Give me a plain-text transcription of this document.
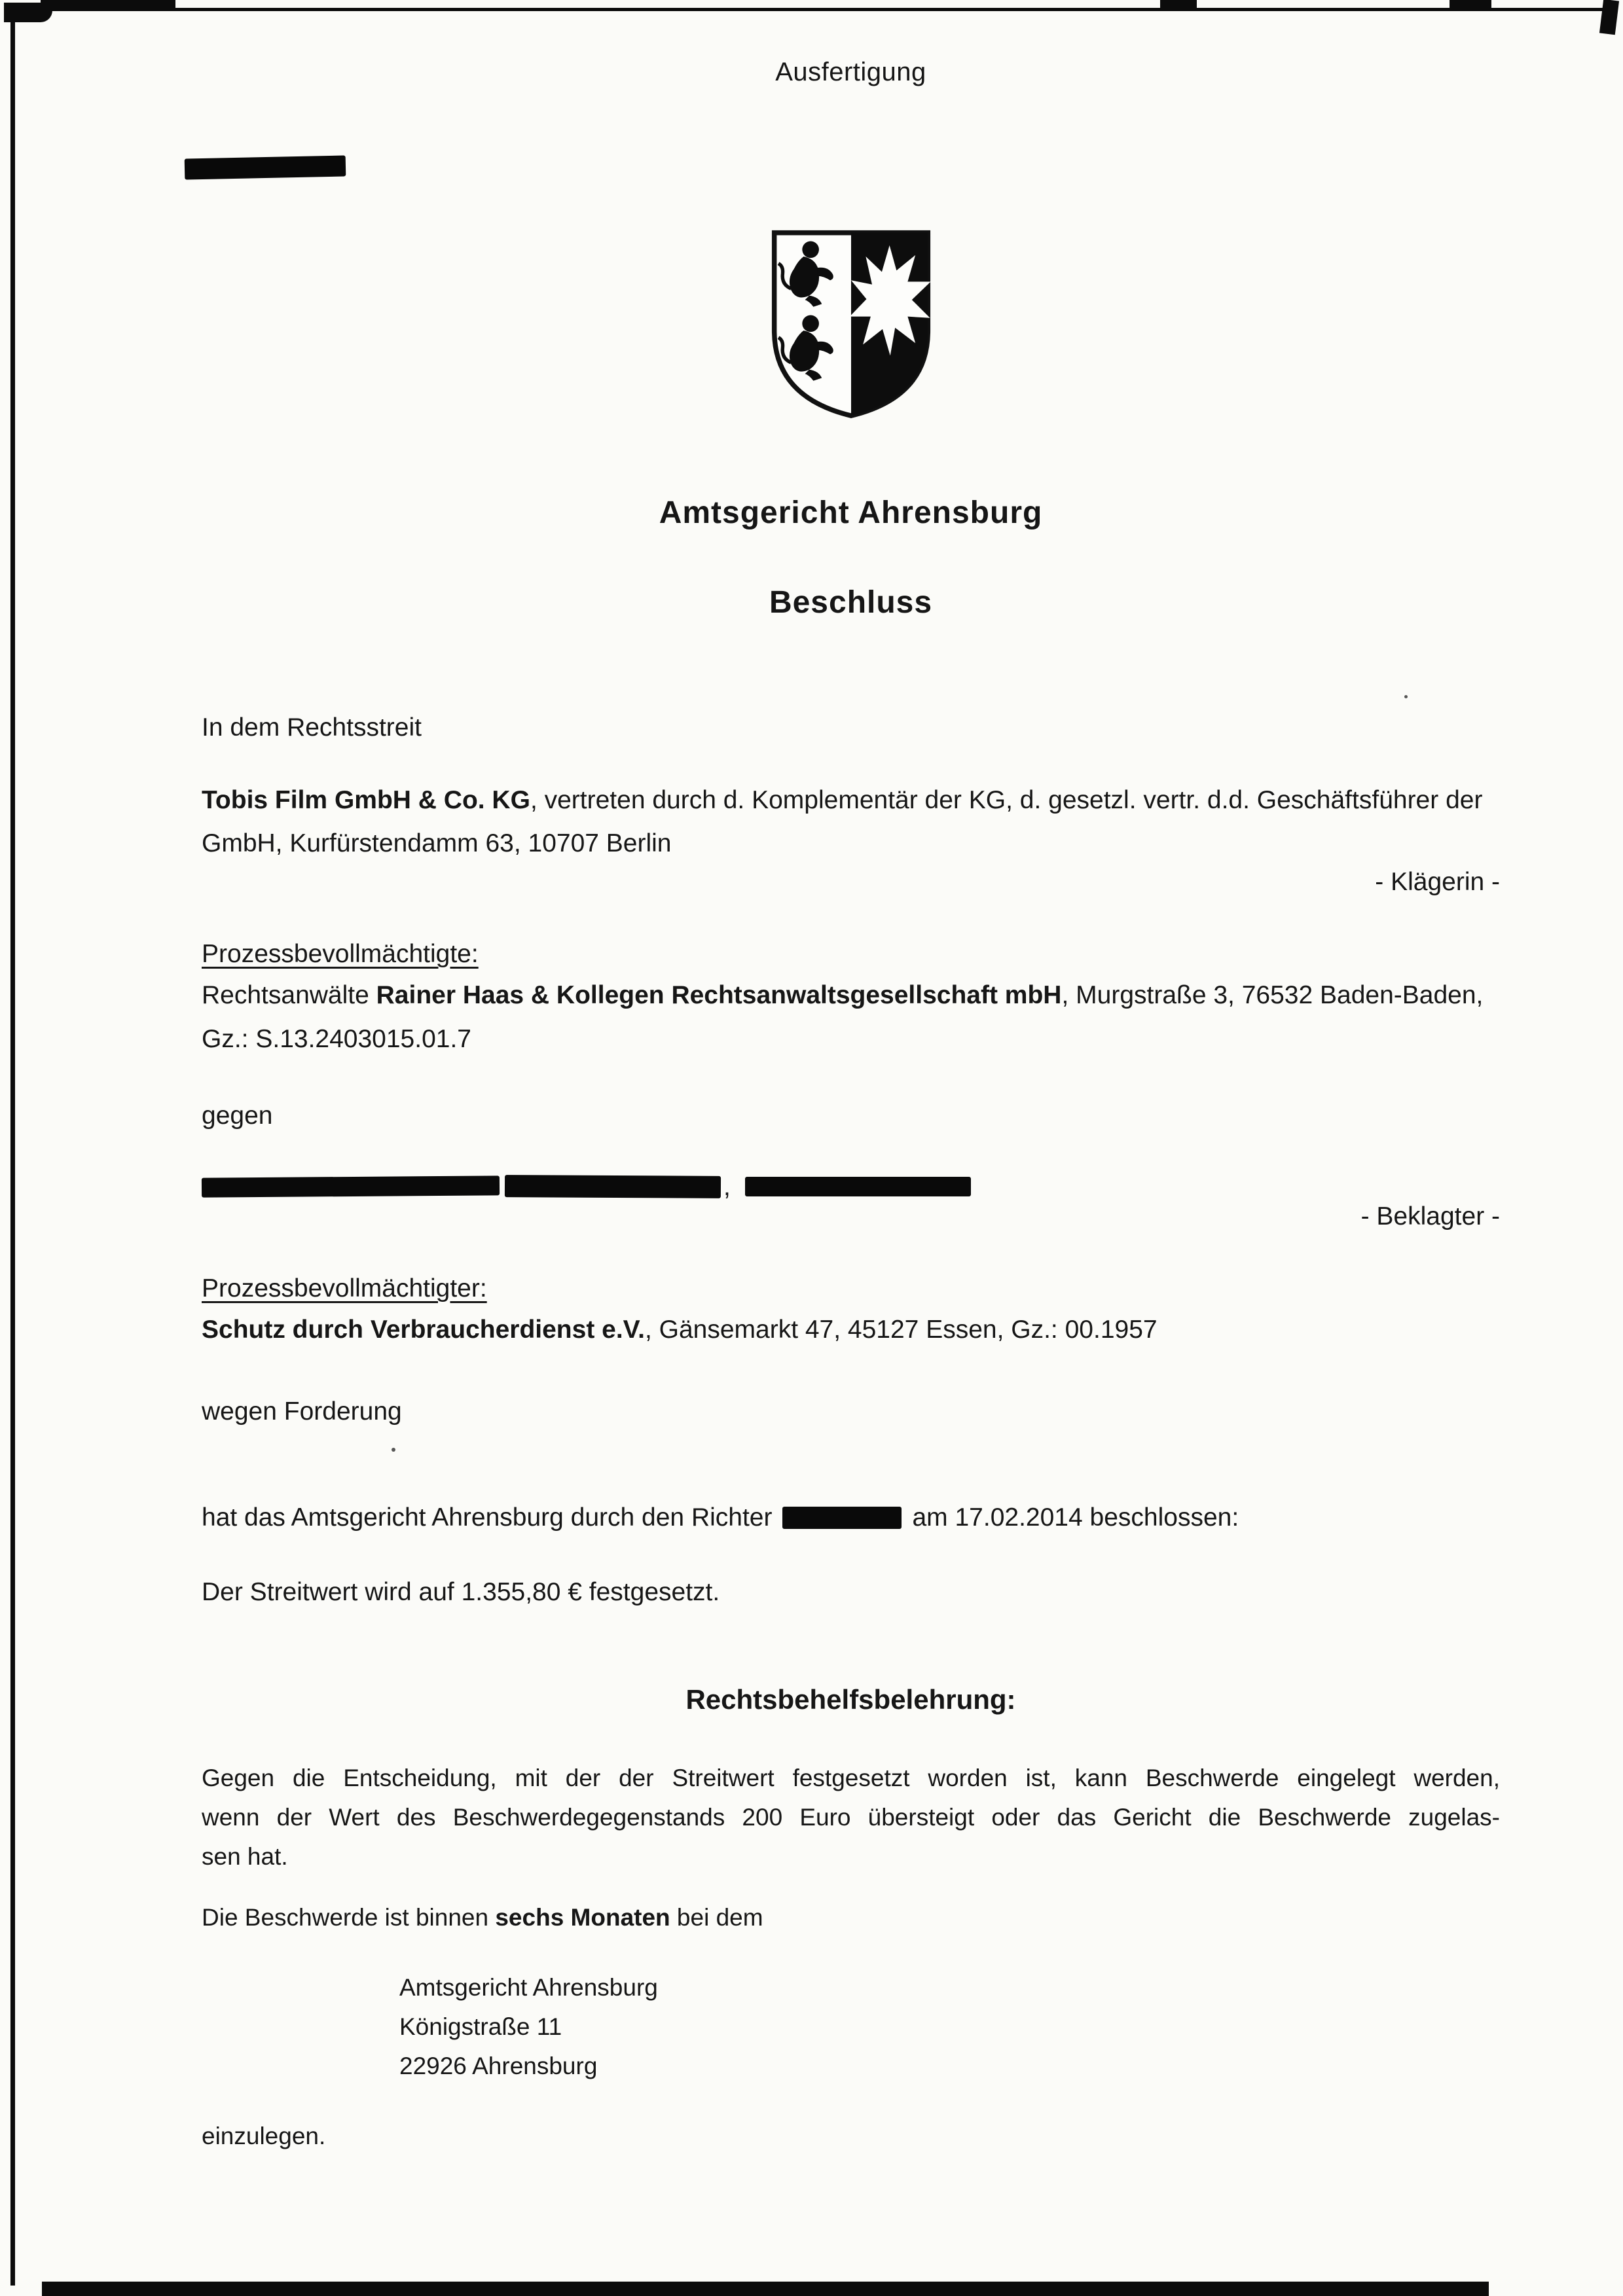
Ausfertigung
Amtsgericht Ahrensburg
Beschluss

In dem Rechtsstreit

Tobis Film GmbH & Co. KG, vertreten durch d. Komplementär der KG, d. gesetzl. vertr. d.d. Geschäftsführer der GmbH, Kurfürstendamm 63, 10707 Berlin

- Klägerin -
Prozessbevollmächtigte:

Rechtsanwälte Rainer Haas & Kollegen Rechtsanwaltsgesellschaft mbH, Murgstraße 3, 76532 Baden-Baden, Gz.: S.13.2403015.01.7

gegen

,
- Beklagter -
Prozessbevollmächtigter:

Schutz durch Verbraucherdienst e.V., Gänsemarkt 47, 45127 Essen, Gz.: 00.1957

wegen Forderung

hat das Amtsgericht Ahrensburg durch den Richter	am 17.02.2014 beschlossen:

Der Streitwert wird auf 1.355,80 € festgesetzt.

Rechtsbehelfsbelehrung:
Gegen die Entscheidung, mit der der Streitwert festgesetzt worden ist, kann Beschwerde eingelegt werden,
wenn der Wert des Beschwerdegegenstands 200 Euro übersteigt oder das Gericht die Beschwerde zugelas-
sen hat.

Die Beschwerde ist binnen sechs Monaten bei dem

Amtsgericht Ahrensburg
Königstraße 11
22926 Ahrensburg

einzulegen.
